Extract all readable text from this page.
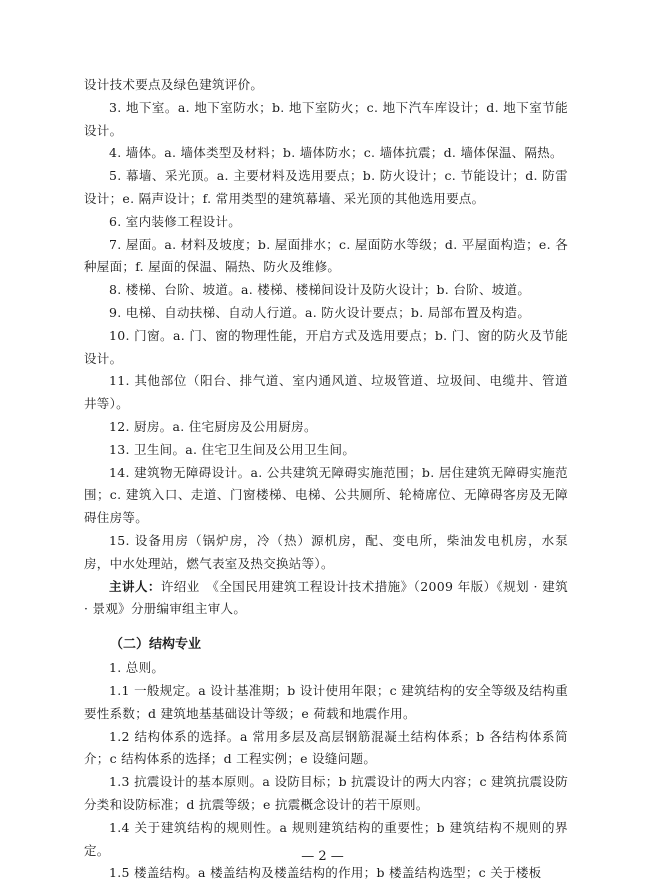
设计技术要点及绿色建筑评价。

3. 地下室。a. 地下室防水；b. 地下室防火；c. 地下汽车库设计；d. 地下室节能设计。

4. 墙体。a. 墙体类型及材料；b. 墙体防水；c. 墙体抗震；d. 墙体保温、隔热。

5. 幕墙、采光顶。a. 主要材料及选用要点；b. 防火设计；c. 节能设计；d. 防雷设计；e. 隔声设计；f. 常用类型的建筑幕墙、采光顶的其他选用要点。

6. 室内装修工程设计。

7. 屋面。a. 材料及坡度；b. 屋面排水；c. 屋面防水等级；d. 平屋面构造；e. 各种屋面；f. 屋面的保温、隔热、防火及维修。

8. 楼梯、台阶、坡道。a. 楼梯、楼梯间设计及防火设计；b. 台阶、坡道。

9. 电梯、自动扶梯、自动人行道。a. 防火设计要点；b. 局部布置及构造。

10. 门窗。a. 门、窗的物理性能，开启方式及选用要点；b. 门、窗的防火及节能设计。

11. 其他部位（阳台、排气道、室内通风道、垃圾管道、垃圾间、电缆井、管道井等）。

12. 厨房。a. 住宅厨房及公用厨房。

13. 卫生间。a. 住宅卫生间及公用卫生间。

14. 建筑物无障碍设计。a. 公共建筑无障碍实施范围；b. 居住建筑无障碍实施范围；c. 建筑入口、走道、门窗楼梯、电梯、公共厕所、轮椅席位、无障碍客房及无障碍住房等。

15. 设备用房（锅炉房，冷（热）源机房，配、变电所，柴油发电机房，水泵房，中水处理站，燃气表室及热交换站等）。

主讲人：许绍业　《全国民用建筑工程设计技术措施》（2009 年版）《规划 · 建筑 · 景观》分册编审组主审人。

（二）结构专业

1. 总则。

1.1 一般规定。a 设计基准期；b 设计使用年限；c 建筑结构的安全等级及结构重要性系数；d 建筑地基基础设计等级；e 荷载和地震作用。

1.2 结构体系的选择。a 常用多层及高层钢筋混凝土结构体系；b 各结构体系简介；c 结构体系的选择；d 工程实例；e 设缝问题。

1.3 抗震设计的基本原则。a 设防目标；b 抗震设计的两大内容；c 建筑抗震设防分类和设防标准；d 抗震等级；e 抗震概念设计的若干原则。

1.4 关于建筑结构的规则性。a 规则建筑结构的重要性；b 建筑结构不规则的界定。

1.5 楼盖结构。a 楼盖结构及楼盖结构的作用；b 楼盖结构选型；c 关于楼板

— 2 —
